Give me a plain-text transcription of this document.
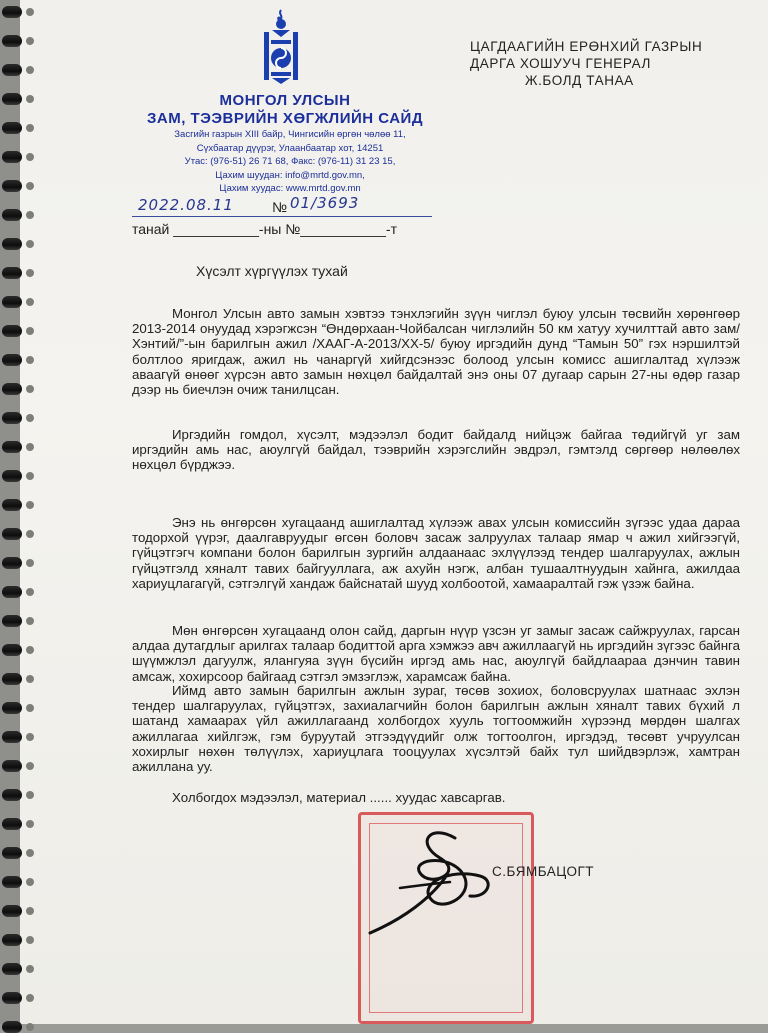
МОНГОЛ УЛСЫН
ЗАМ, ТЭЭВРИЙН ХӨГЖЛИЙН САЙД
Засгийн газрын XIII байр, Чингисийн өргөн чөлөө 11,
Сүхбаатар дүүрэг, Улаанбаатар хот, 14251
Утас: (976-51) 26 71 68, Факс: (976-11) 31 23 15,
Цахим шуудан: info@mrtd.gov.mn,
Цахим хуудас: www.mrtd.gov.mn
ЦАГДААГИЙН ЕРӨНХИЙ ГАЗРЫН
ДАРГА ХОШУУЧ ГЕНЕРАЛ
Ж.БОЛД ТАНАА
2022.08.11	№ 01/3693
танай ___________-ны №___________-т
Хүсэлт хүргүүлэх тухай
Монгол Улсын авто замын хэвтээ тэнхлэгийн зүүн чиглэл буюу улсын төсвийн хөрөнгөөр 2013-2014 онуудад хэрэгжсэн “Өндөрхаан-Чойбалсан чиглэлийн 50 км хатуу хучилттай авто зам/Хэнтий/”-ын барилгын ажил /ХААГ-А-2013/ХХ-5/ буюу иргэдийн дунд “Тамын 50” гэх нэршилтэй болтлоо яригдаж, ажил нь чанаргүй хийгдсэнээс болоод улсын комисс ашиглалтад хүлээж аваагүй өнөөг хүрсэн авто замын нөхцөл байдалтай энэ оны 07 дугаар сарын 27-ны өдөр газар дээр нь биечлэн очиж танилцсан.
Иргэдийн гомдол, хүсэлт, мэдээлэл бодит байдалд нийцэж байгаа төдийгүй уг зам иргэдийн амь нас, аюулгүй байдал, тээврийн хэрэгслийн эвдрэл, гэмтэлд сөргөөр нөлөөлөх нөхцөл бүрджээ.
Энэ нь өнгөрсөн хугацаанд ашиглалтад хүлээж авах улсын комиссийн зүгээс удаа дараа тодорхой үүрэг, даалгавруудыг өгсөн боловч засаж залруулах талаар ямар ч ажил хийгээгүй, гүйцэтгэгч компани болон барилгын зургийн алдаанаас эхлүүлээд тендер шалгаруулах, ажлын гүйцэтгэлд хяналт тавих байгууллага, аж ахуйн нэгж, албан тушаалтнуудын хайнга, ажилдаа хариуцлагагүй, сэтгэлгүй хандаж байснатай шууд холбоотой, хамааралтай гэж үзэж байна.
Мөн өнгөрсөн хугацаанд олон сайд, даргын нүүр үзсэн уг замыг засаж сайжруулах, гарсан алдаа дутагдлыг арилгах талаар бодиттой арга хэмжээ авч ажиллаагүй нь иргэдийн зүгээс байнга шүүмжлэл дагуулж, ялангуяа зүүн бүсийн иргэд амь нас, аюулгүй байдлаараа дэнчин тавин амсаж, хохирсоор байгаад сэтгэл эмзэглэж, харамсаж байна.
Иймд авто замын барилгын ажлын зураг, төсөв зохиох, боловсруулах шатнаас эхлэн тендер шалгаруулах, гүйцэтгэх, захиалагчийн болон барилгын ажлын хяналт тавих бүхий л шатанд хамаарах үйл ажиллагаанд холбогдох хууль тогтоомжийн хүрээнд мөрдөн шалгах ажиллагаа хийлгэж, гэм буруутай этгээдүүдийг олж тогтоолгон, иргэдэд, төсөвт учруулсан хохирлыг нөхөн төлүүлэх, хариуцлага тооцуулах хүсэлтэй байх тул шийдвэрлэж, хамтран ажиллана уу.
Холбогдох мэдээлэл, материал ...... хуудас хавсаргав.
С.БЯМБАЦОГТ
